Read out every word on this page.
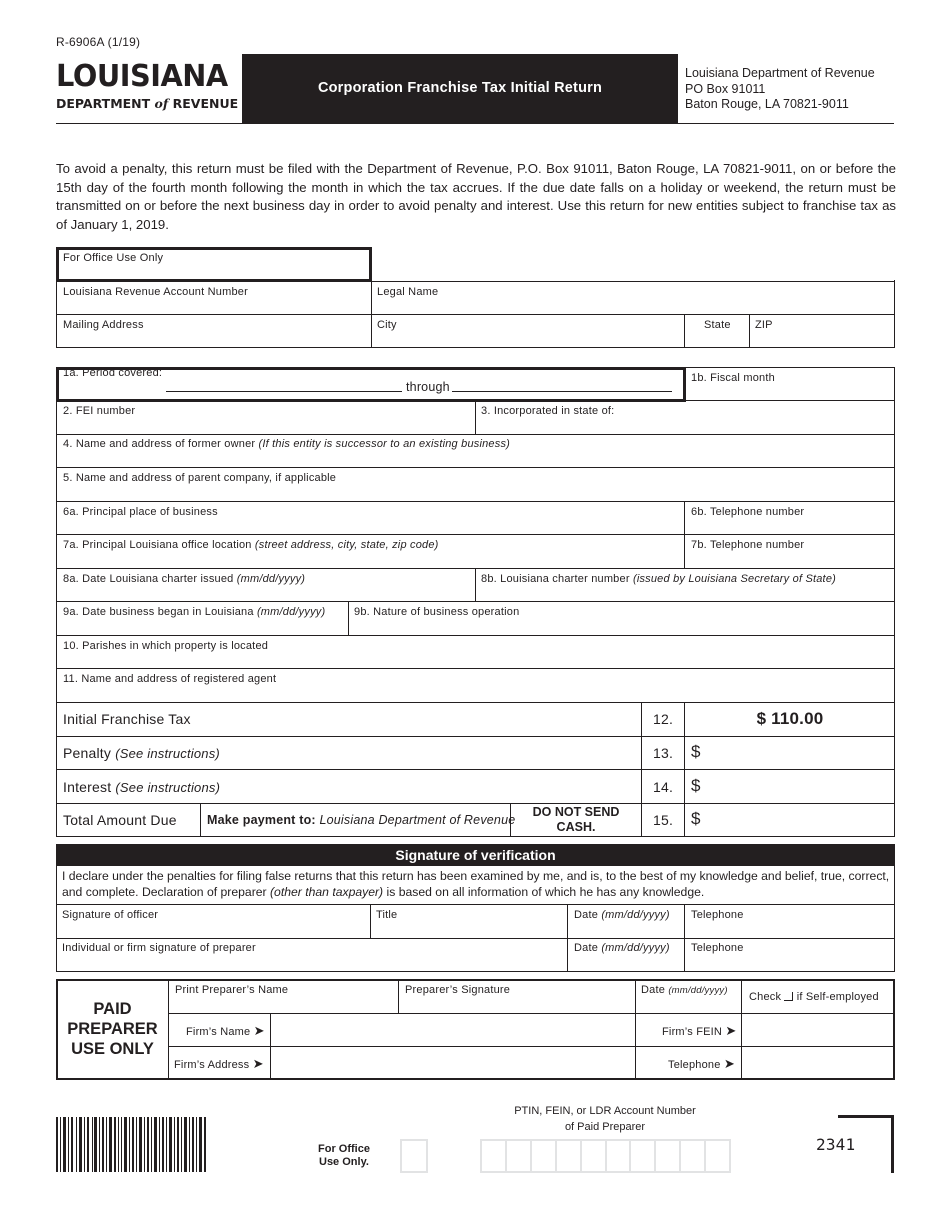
R-6906A (1/19)
LOUISIANA
DEPARTMENT of REVENUE
Corporation Franchise Tax Initial Return
Louisiana Department of Revenue
PO Box 91011
Baton Rouge, LA 70821-9011
To avoid a penalty, this return must be filed with the Department of Revenue, P.O. Box 91011, Baton Rouge, LA 70821-9011, on or before the 15th day of the fourth month following the month in which the tax accrues. If the due date falls on a holiday or weekend, the return must be transmitted on or before the next business day in order to avoid penalty and interest. Use this return for new entities subject to franchise tax as of January 1, 2019.
For Office Use Only
Louisiana Revenue Account Number	Legal Name
Mailing Address	City	State ZIP
1a. Period covered:
through
1b. Fiscal month
2. FEI number	3. Incorporated in state of:
4. Name and address of former owner (If this entity is successor to an existing business)
5. Name and address of parent company, if applicable
6a. Principal place of business	6b. Telephone number
7a. Principal Louisiana office location (street address, city, state, zip code)	7b. Telephone number
8a. Date Louisiana charter issued (mm/dd/yyyy)	8b. Louisiana charter number (issued by Louisiana Secretary of State)
9a. Date business began in Louisiana (mm/dd/yyyy)	9b. Nature of business operation
10. Parishes in which property is located
11. Name and address of registered agent
Initial Franchise Tax	12.	$ 110.00
Penalty (See instructions)	13. $
Interest (See instructions)	14. $
Total Amount Due Make payment to: Louisiana Department of Revenue
DO NOT SEND
CASH.	15. $
Signature of verification
I declare under the penalties for filing false returns that this return has been examined by me, and is, to the best of my knowledge and belief, true, correct, and complete. Declaration of preparer (other than taxpayer) is based on all information of which he has any knowledge.
Signature of officer	Title	Date (mm/dd/yyyy) Telephone
Individual or firm signature of preparer	Date (mm/dd/yyyy) Telephone
PAID
PREPARER
USE ONLY
Print Preparer’s Name	Preparer’s Signature	Date (mm/dd/yyyy)
Check if Self-employed
Firm’s Name ➤	Firm’s FEIN ➤
Firm’s Address ➤	Telephone ➤
For Office
Use Only.
PTIN, FEIN, or LDR Account Number
of Paid Preparer
2341
